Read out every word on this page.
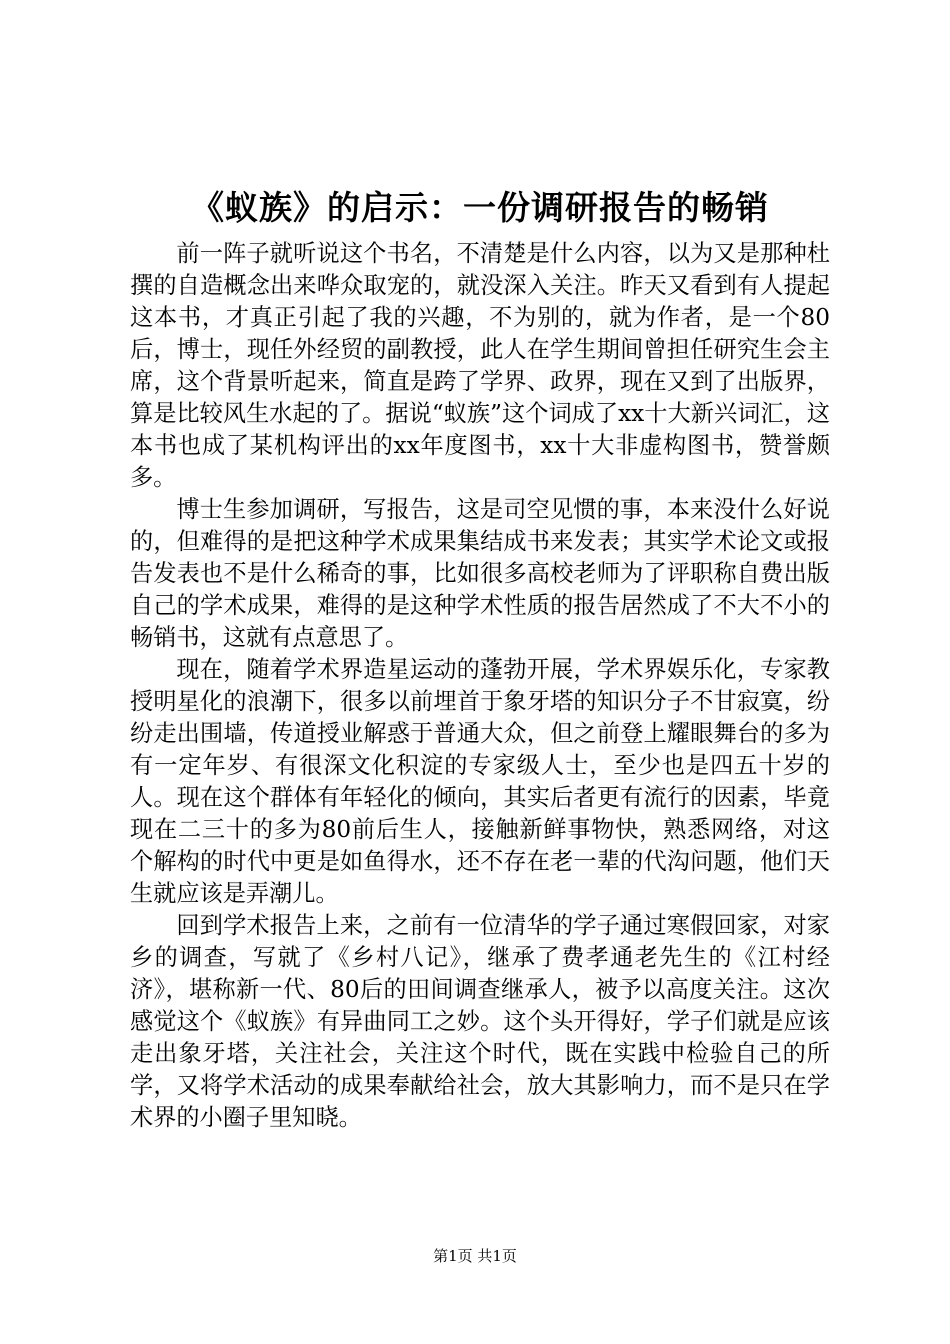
《蚁族》的启示：一份调研报告的畅销

前一阵子就听说这个书名，不清楚是什么内容，以为又是那种杜撰的自造概念出来哗众取宠的，就没深入关注。昨天又看到有人提起这本书，才真正引起了我的兴趣，不为别的，就为作者，是一个80后，博士，现任外经贸的副教授，此人在学生期间曾担任研究生会主席，这个背景听起来，简直是跨了学界、政界，现在又到了出版界，算是比较风生水起的了。据说“蚁族”这个词成了xx十大新兴词汇，这本书也成了某机构评出的xx年度图书，xx十大非虚构图书，赞誉颇多。

博士生参加调研，写报告，这是司空见惯的事，本来没什么好说的，但难得的是把这种学术成果集结成书来发表；其实学术论文或报告发表也不是什么稀奇的事，比如很多高校老师为了评职称自费出版自己的学术成果，难得的是这种学术性质的报告居然成了不大不小的畅销书，这就有点意思了。

现在，随着学术界造星运动的蓬勃开展，学术界娱乐化，专家教授明星化的浪潮下，很多以前埋首于象牙塔的知识分子不甘寂寞，纷纷走出围墙，传道授业解惑于普通大众，但之前登上耀眼舞台的多为有一定年岁、有很深文化积淀的专家级人士，至少也是四五十岁的人。现在这个群体有年轻化的倾向，其实后者更有流行的因素，毕竟现在二三十的多为80前后生人，接触新鲜事物快，熟悉网络，对这个解构的时代中更是如鱼得水，还不存在老一辈的代沟问题，他们天生就应该是弄潮儿。

回到学术报告上来，之前有一位清华的学子通过寒假回家，对家乡的调查，写就了《乡村八记》，继承了费孝通老先生的《江村经济》，堪称新一代、80后的田间调查继承人，被予以高度关注。这次感觉这个《蚁族》有异曲同工之妙。这个头开得好，学子们就是应该走出象牙塔，关注社会，关注这个时代，既在实践中检验自己的所学，又将学术活动的成果奉献给社会，放大其影响力，而不是只在学术界的小圈子里知晓。

第1页 共1页
